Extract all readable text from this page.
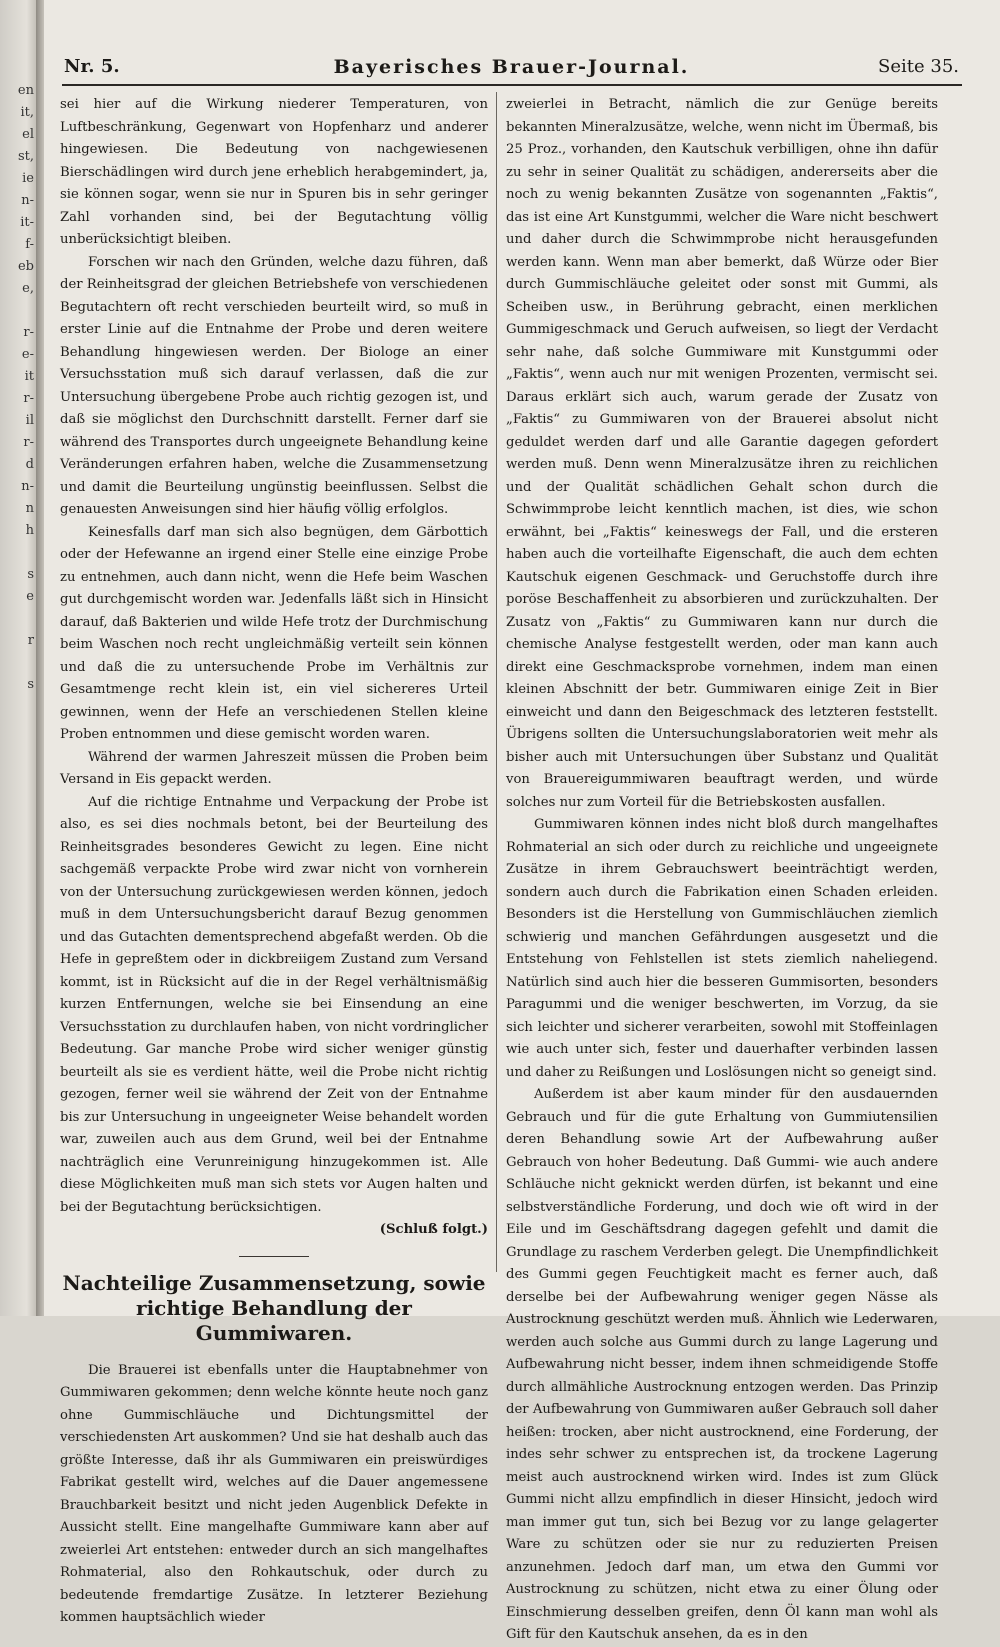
en
it,
el
st,
ie
n-
it-
f-
eb
e,
r-
e-
it
r-
il
r-
d
n-
n
h
s
e
r
s
Nr. 5.	Bayerisches Brauer-Journal.	Seite 35.

sei hier auf die Wirkung niederer Temperaturen, von Luftbeschränkung, Gegenwart von Hopfenharz und anderer hingewiesen. Die Bedeutung von nachgewiesenen Bierschädlingen wird durch jene erheblich herabgemindert, ja, sie können sogar, wenn sie nur in Spuren bis in sehr geringer Zahl vorhanden sind, bei der Begutachtung völlig unberücksichtigt bleiben.

Forschen wir nach den Gründen, welche dazu führen, daß der Reinheitsgrad der gleichen Betriebshefe von verschiedenen Begutachtern oft recht verschieden beurteilt wird, so muß in erster Linie auf die Entnahme der Probe und deren weitere Behandlung hingewiesen werden. Der Biologe an einer Versuchsstation muß sich darauf verlassen, daß die zur Untersuchung übergebene Probe auch richtig gezogen ist, und daß sie möglichst den Durchschnitt darstellt. Ferner darf sie während des Transportes durch ungeeignete Behandlung keine Veränderungen erfahren haben, welche die Zusammensetzung und damit die Beurteilung ungünstig beeinflussen. Selbst die genauesten Anweisungen sind hier häufig völlig erfolglos.

Keinesfalls darf man sich also begnügen, dem Gärbottich oder der Hefewanne an irgend einer Stelle eine einzige Probe zu entnehmen, auch dann nicht, wenn die Hefe beim Waschen gut durchgemischt worden war. Jedenfalls läßt sich in Hinsicht darauf, daß Bakterien und wilde Hefe trotz der Durchmischung beim Waschen noch recht ungleichmäßig verteilt sein können und daß die zu untersuchende Probe im Verhältnis zur Gesamtmenge recht klein ist, ein viel sichereres Urteil gewinnen, wenn der Hefe an verschiedenen Stellen kleine Proben entnommen und diese gemischt worden waren.

Während der warmen Jahreszeit müssen die Proben beim Versand in Eis gepackt werden.

Auf die richtige Entnahme und Verpackung der Probe ist also, es sei dies nochmals betont, bei der Beurteilung des Reinheitsgrades besonderes Gewicht zu legen. Eine nicht sachgemäß verpackte Probe wird zwar nicht von vornherein von der Untersuchung zurückgewiesen werden können, jedoch muß in dem Untersuchungsbericht darauf Bezug genommen und das Gutachten dementsprechend abgefaßt werden. Ob die Hefe in gepreßtem oder in dickbreiigem Zustand zum Versand kommt, ist in Rücksicht auf die in der Regel verhältnismäßig kurzen Entfernungen, welche sie bei Einsendung an eine Versuchsstation zu durchlaufen haben, von nicht vordringlicher Bedeutung. Gar manche Probe wird sicher weniger günstig beurteilt als sie es verdient hätte, weil die Probe nicht richtig gezogen, ferner weil sie während der Zeit von der Entnahme bis zur Untersuchung in ungeeigneter Weise behandelt worden war, zuweilen auch aus dem Grund, weil bei der Entnahme nachträglich eine Verunreinigung hinzugekommen ist. Alle diese Möglichkeiten muß man sich stets vor Augen halten und bei der Begutachtung berücksichtigen.

(Schluß folgt.)

Nachteilige Zusammensetzung, sowie richtige Behandlung der Gummiwaren.

Die Brauerei ist ebenfalls unter die Hauptabnehmer von Gummiwaren gekommen; denn welche könnte heute noch ganz ohne Gummischläuche und Dichtungsmittel der verschiedensten Art auskommen? Und sie hat deshalb auch das größte Interesse, daß ihr als Gummiwaren ein preiswürdiges Fabrikat gestellt wird, welches auf die Dauer angemessene Brauchbarkeit besitzt und nicht jeden Augenblick Defekte in Aussicht stellt. Eine mangelhafte Gummiware kann aber auf zweierlei Art entstehen: entweder durch an sich mangelhaftes Rohmaterial, also den Rohkautschuk, oder durch zu bedeutende fremdartige Zusätze. In letzterer Beziehung kommen hauptsächlich wieder

zweierlei in Betracht, nämlich die zur Genüge bereits bekannten Mineralzusätze, welche, wenn nicht im Übermaß, bis 25 Proz., vorhanden, den Kautschuk verbilligen, ohne ihn dafür zu sehr in seiner Qualität zu schädigen, andererseits aber die noch zu wenig bekannten Zusätze von sogenannten „Faktis“, das ist eine Art Kunstgummi, welcher die Ware nicht beschwert und daher durch die Schwimmprobe nicht herausgefunden werden kann. Wenn man aber bemerkt, daß Würze oder Bier durch Gummischläuche geleitet oder sonst mit Gummi, als Scheiben usw., in Berührung gebracht, einen merklichen Gummigeschmack und Geruch aufweisen, so liegt der Verdacht sehr nahe, daß solche Gummiware mit Kunstgummi oder „Faktis“, wenn auch nur mit wenigen Prozenten, vermischt sei. Daraus erklärt sich auch, warum gerade der Zusatz von „Faktis“ zu Gummiwaren von der Brauerei absolut nicht geduldet werden darf und alle Garantie dagegen gefordert werden muß. Denn wenn Mineralzusätze ihren zu reichlichen und der Qualität schädlichen Gehalt schon durch die Schwimmprobe leicht kenntlich machen, ist dies, wie schon erwähnt, bei „Faktis“ keineswegs der Fall, und die ersteren haben auch die vorteilhafte Eigenschaft, die auch dem echten Kautschuk eigenen Geschmack- und Geruchstoffe durch ihre poröse Beschaffenheit zu absorbieren und zurückzuhalten. Der Zusatz von „Faktis“ zu Gummiwaren kann nur durch die chemische Analyse festgestellt werden, oder man kann auch direkt eine Geschmacksprobe vornehmen, indem man einen kleinen Abschnitt der betr. Gummiwaren einige Zeit in Bier einweicht und dann den Beigeschmack des letzteren feststellt. Übrigens sollten die Untersuchungslaboratorien weit mehr als bisher auch mit Untersuchungen über Substanz und Qualität von Brauereigummiwaren beauftragt werden, und würde solches nur zum Vorteil für die Betriebskosten ausfallen.

Gummiwaren können indes nicht bloß durch mangelhaftes Rohmaterial an sich oder durch zu reichliche und ungeeignete Zusätze in ihrem Gebrauchswert beeinträchtigt werden, sondern auch durch die Fabrikation einen Schaden erleiden. Besonders ist die Herstellung von Gummischläuchen ziemlich schwierig und manchen Gefährdungen ausgesetzt und die Entstehung von Fehlstellen ist stets ziemlich naheliegend. Natürlich sind auch hier die besseren Gummisorten, besonders Paragummi und die weniger beschwerten, im Vorzug, da sie sich leichter und sicherer verarbeiten, sowohl mit Stoffeinlagen wie auch unter sich, fester und dauerhafter verbinden lassen und daher zu Reißungen und Loslösungen nicht so geneigt sind.

Außerdem ist aber kaum minder für den ausdauernden Gebrauch und für die gute Erhaltung von Gummiutensilien deren Behandlung sowie Art der Aufbewahrung außer Gebrauch von hoher Bedeutung. Daß Gummi- wie auch andere Schläuche nicht geknickt werden dürfen, ist bekannt und eine selbstverständliche Forderung, und doch wie oft wird in der Eile und im Geschäftsdrang dagegen gefehlt und damit die Grundlage zu raschem Verderben gelegt. Die Unempfindlichkeit des Gummi gegen Feuchtigkeit macht es ferner auch, daß derselbe bei der Aufbewahrung weniger gegen Nässe als Austrocknung geschützt werden muß. Ähnlich wie Lederwaren, werden auch solche aus Gummi durch zu lange Lagerung und Aufbewahrung nicht besser, indem ihnen schmeidigende Stoffe durch allmähliche Austrocknung entzogen werden. Das Prinzip der Aufbewahrung von Gummiwaren außer Gebrauch soll daher heißen: trocken, aber nicht austrocknend, eine Forderung, der indes sehr schwer zu entsprechen ist, da trockene Lagerung meist auch austrocknend wirken wird. Indes ist zum Glück Gummi nicht allzu empfindlich in dieser Hinsicht, jedoch wird man immer gut tun, sich bei Bezug vor zu lange gelagerter Ware zu schützen oder sie nur zu reduzierten Preisen anzunehmen. Jedoch darf man, um etwa den Gummi vor Austrocknung zu schützen, nicht etwa zu einer Ölung oder Einschmierung desselben greifen, denn Öl kann man wohl als Gift für den Kautschuk ansehen, da es in den
